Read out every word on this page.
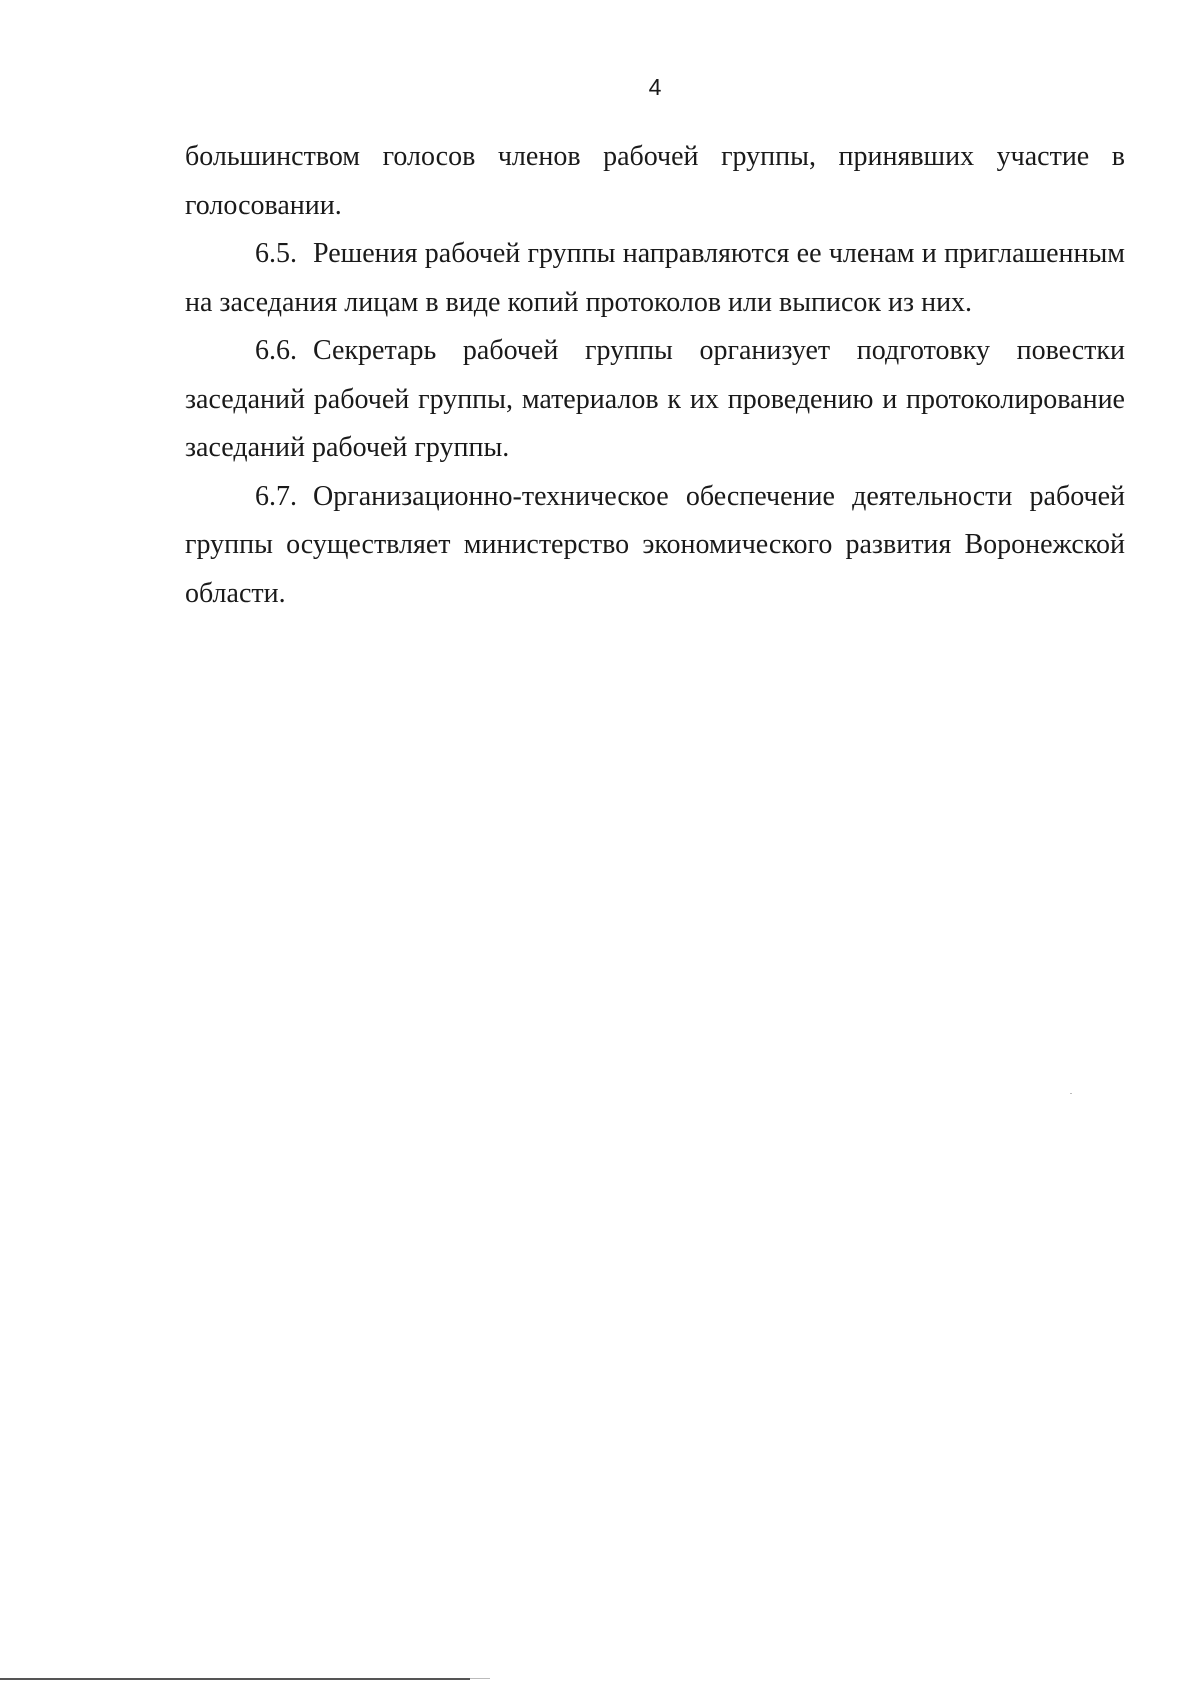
4

большинством голосов членов рабочей группы, принявших участие в голосовании.

6.5. Решения рабочей группы направляются ее членам и приглашенным на заседания лицам в виде копий протоколов или выписок из них.

6.6. Секретарь рабочей группы организует подготовку повестки заседаний рабочей группы, материалов к их проведению и протоколирование заседаний рабочей группы.

6.7. Организационно-техническое обеспечение деятельности рабочей группы осуществляет министерство экономического развития Воронежской области.
